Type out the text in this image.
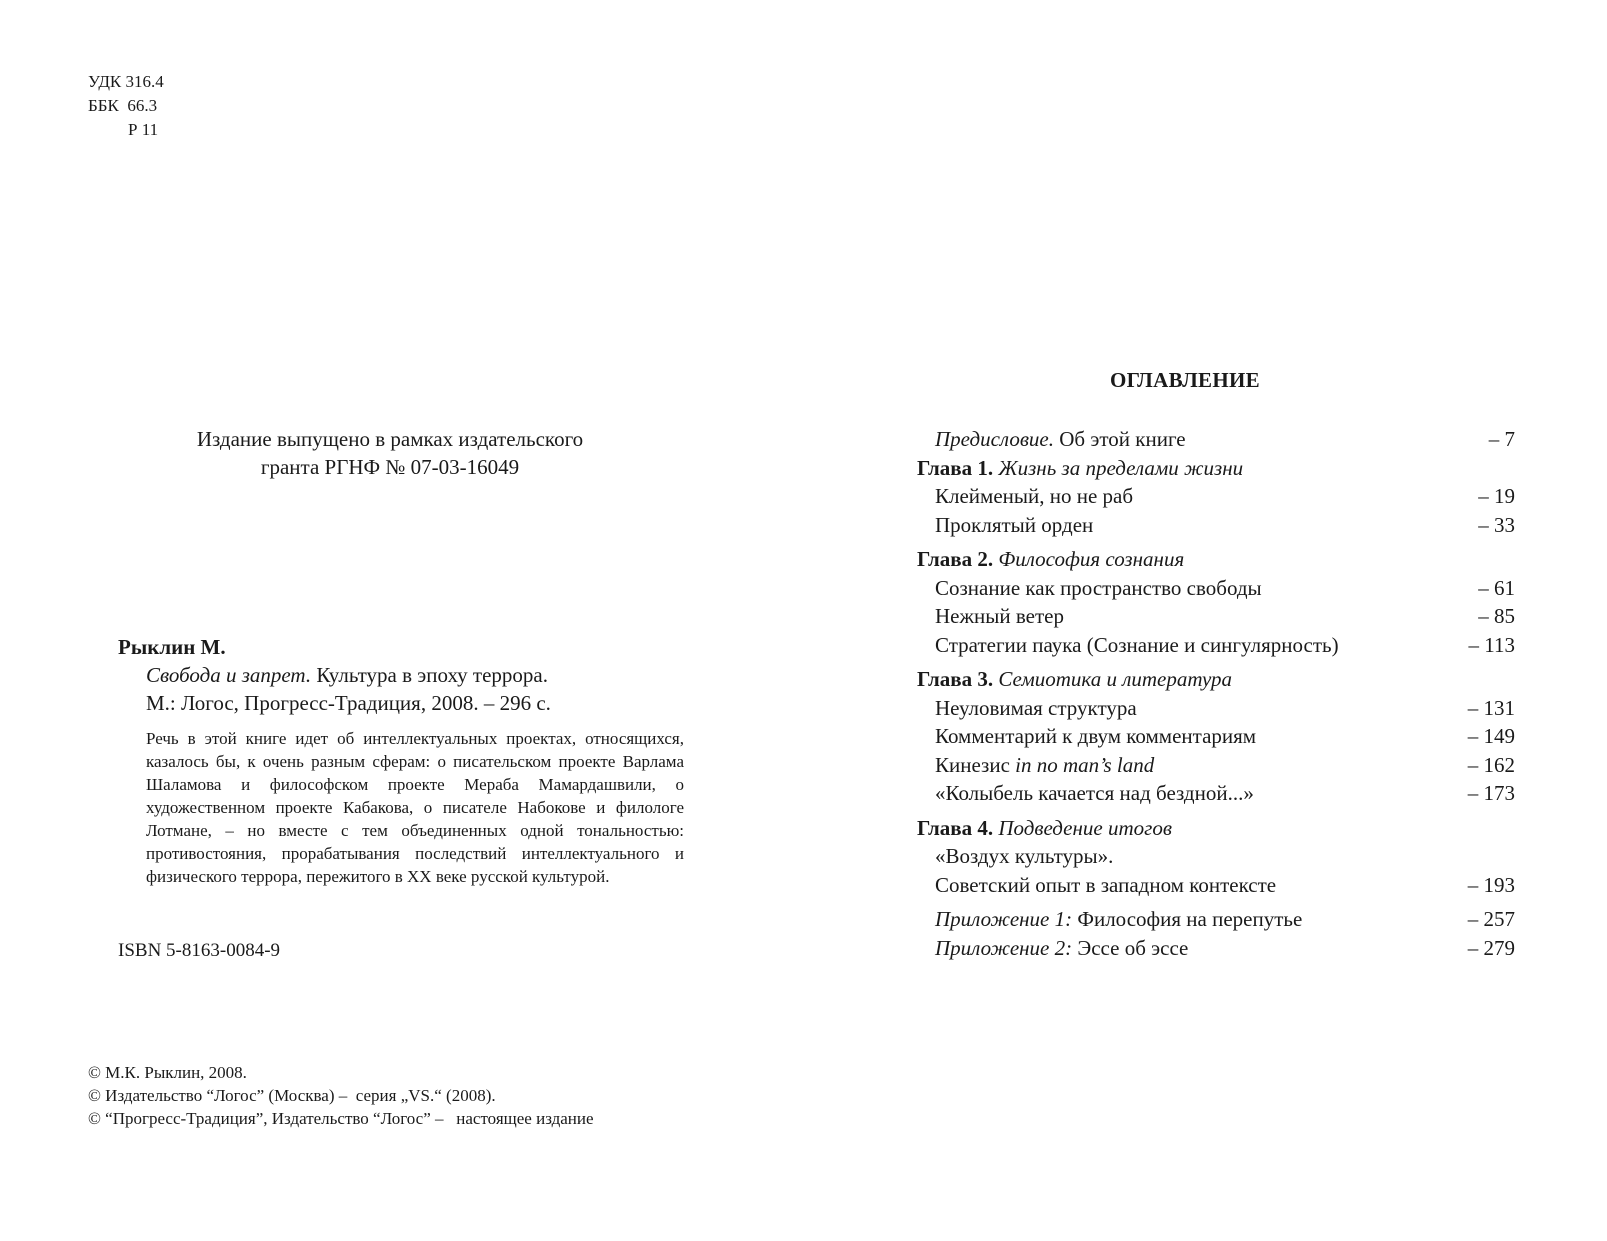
УДК 316.4
ББК  66.3
Р 11
Издание выпущено в рамках издательского
гранта РГНФ № 07-03-16049
Рыклин М.
Свобода и запрет. Культура в эпоху террора.
М.: Логос, Прогресс-Традиция, 2008. – 296 с.
Речь в этой книге идет об интеллектуальных проектах, относящихся, казалось бы, к очень разным сферам: о писательском проекте Варлама Шаламова и философском проекте Мераба Мамардашвили, о художественном проекте Кабакова, о писателе Набокове и филологе Лотмане, – но вместе с тем объединенных одной тональностью: противостояния, прорабатывания последствий интеллектуального и физического террора, пережитого в XX веке русской культурой.
ISBN 5-8163-0084-9
© М.К. Рыклин, 2008.
© Издательство “Логос” (Москва) –  серия „VS.“ (2008).
© “Прогресс-Традиция”, Издательство “Логос” –   настоящее издание
ОГЛАВЛЕНИЕ
Предисловие. Об этой книге	– 7
Глава 1. Жизнь за пределами жизни
Клейменый, но не раб	– 19
Проклятый орден	– 33
Глава 2. Философия сознания
Сознание как пространство свободы	– 61
Нежный ветер	– 85
Стратегии паука (Сознание и сингулярность)	– 113
Глава 3. Семиотика и литература
Неуловимая структура	– 131
Комментарий к двум комментариям	– 149
Кинезис in no man’s land	– 162
«Колыбель качается над бездной...»	– 173
Глава 4. Подведение итогов
«Воздух культуры».
Советский опыт в западном контексте	– 193
Приложение 1: Философия на перепутье	– 257
Приложение 2: Эссе об эссе	– 279
